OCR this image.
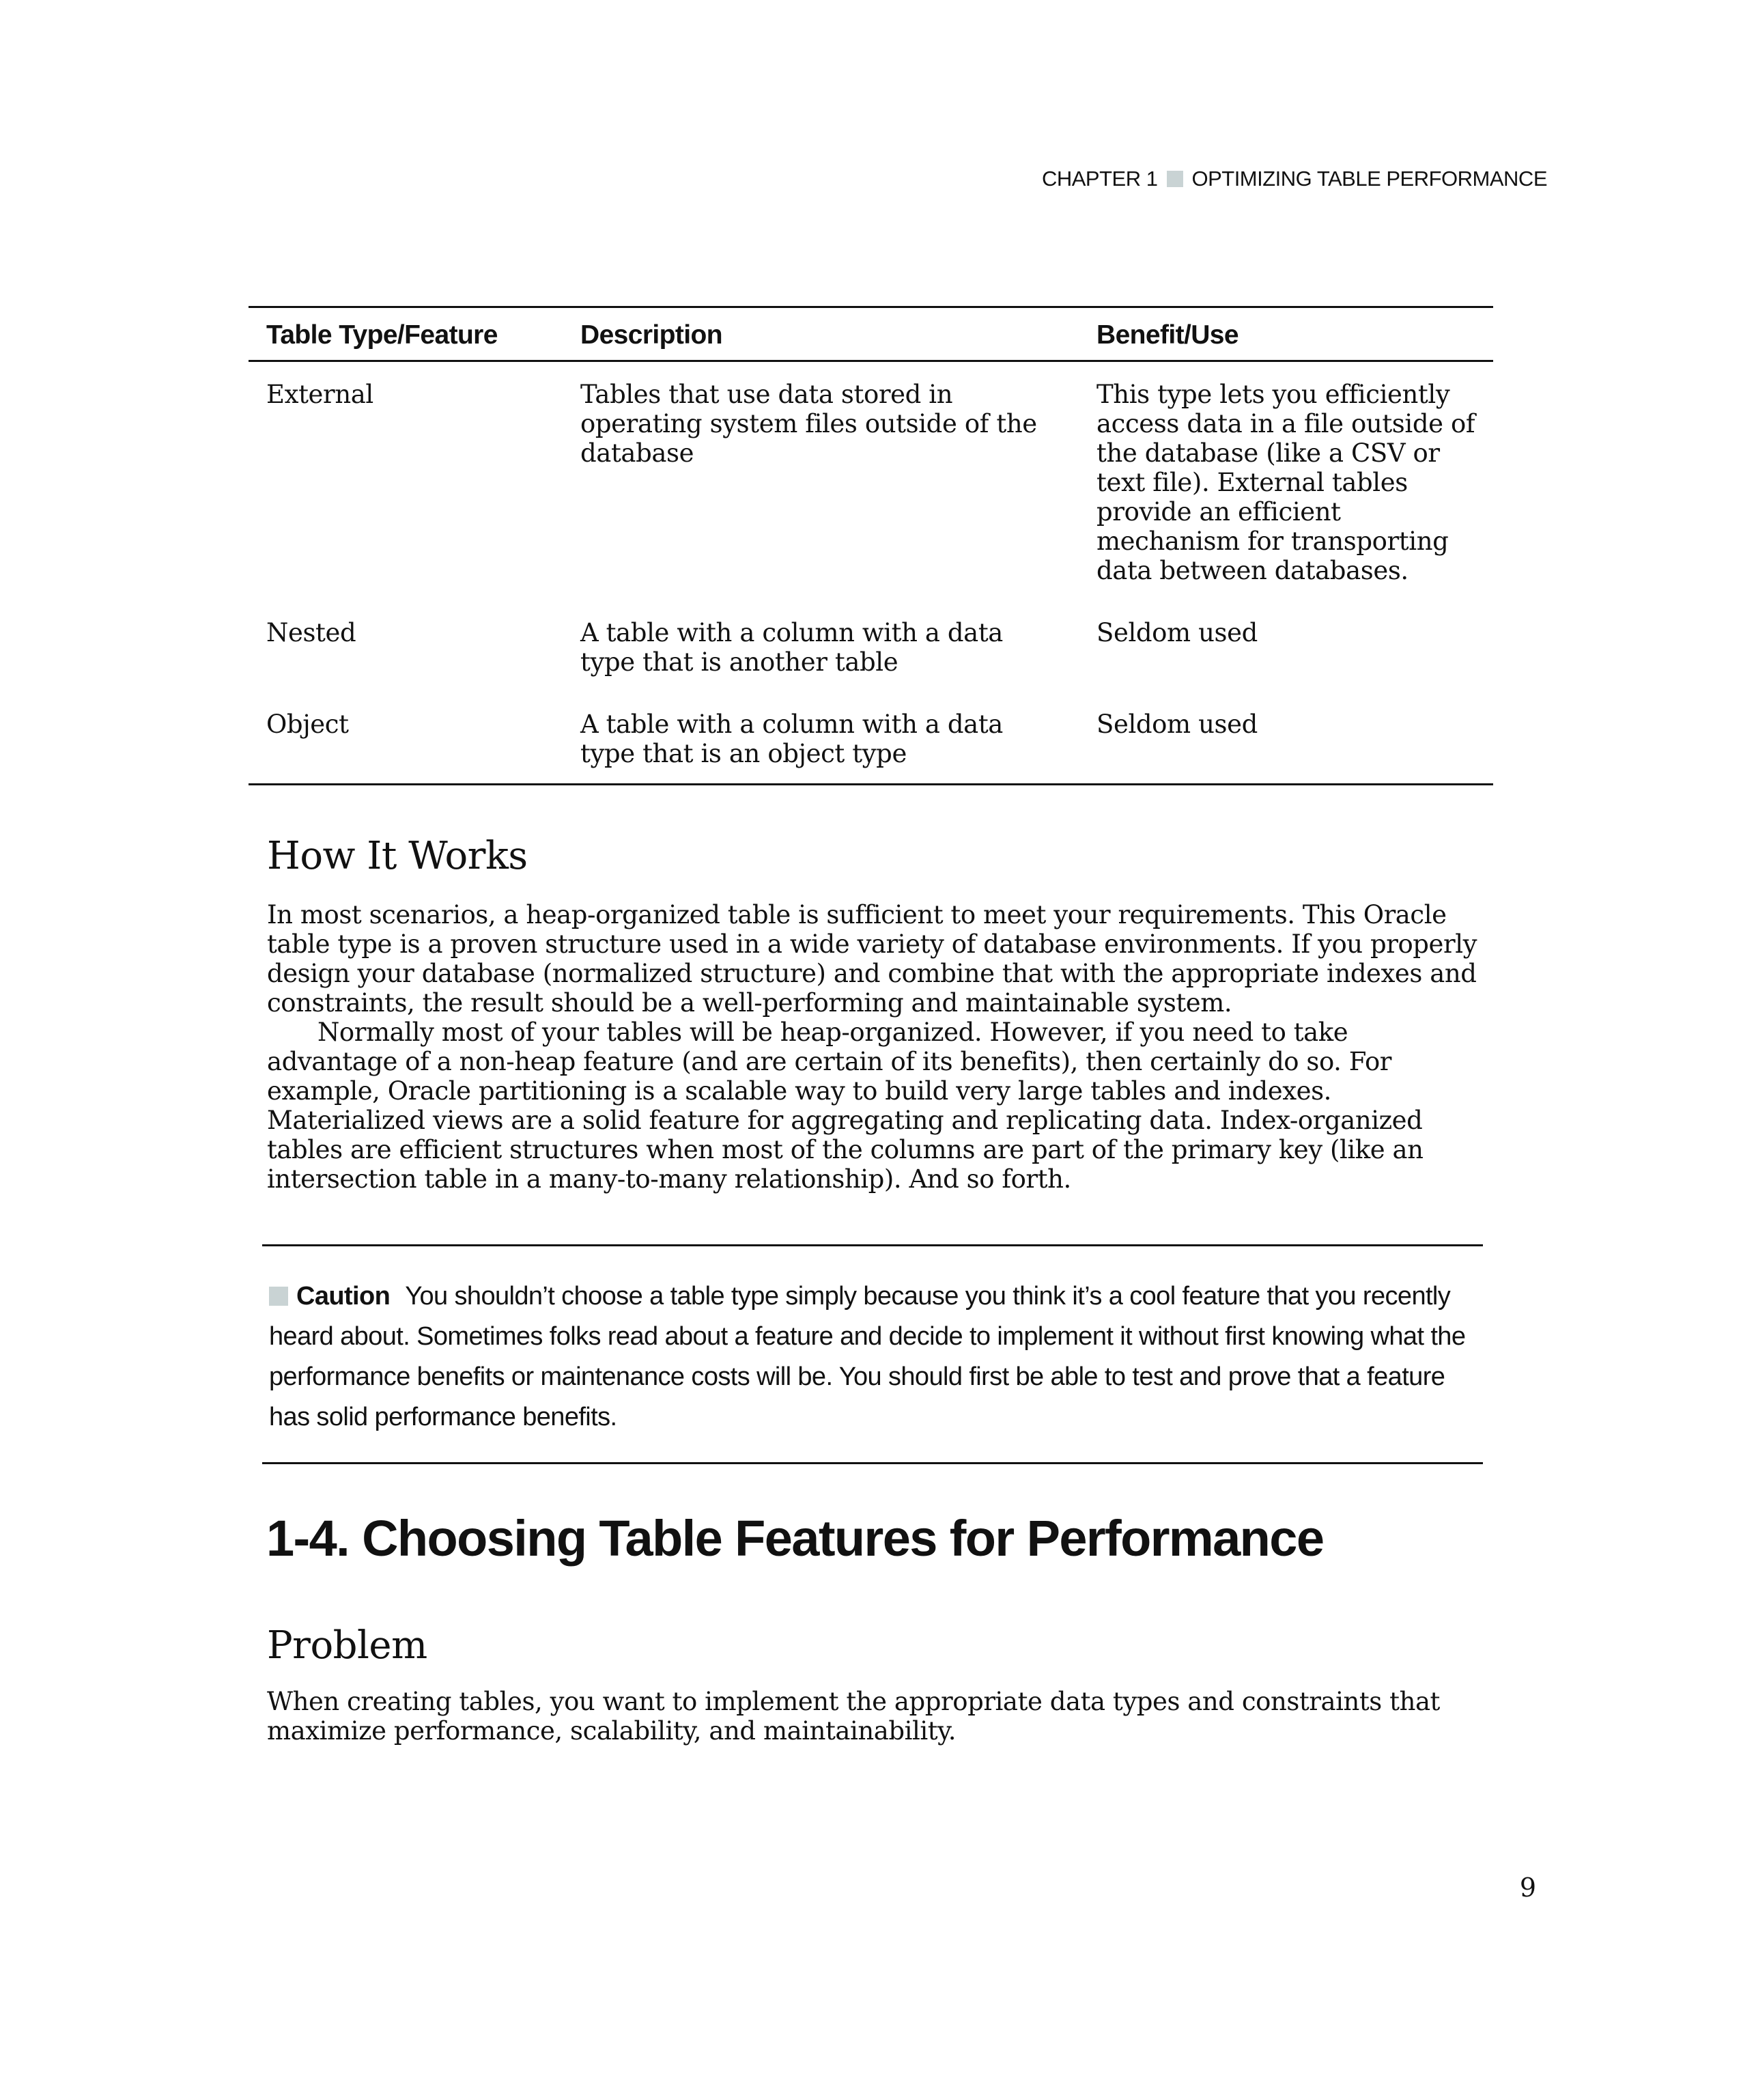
CHAPTER 1 OPTIMIZING TABLE PERFORMANCE
Table Type/Feature	Description	Benefit/Use
External	Tables that use data stored in operating system files outside of the database	This type lets you efficiently access data in a file outside of the database (like a CSV or text file). External tables provide an efficient mechanism for transporting data between databases.
Nested	A table with a column with a data type that is another table	Seldom used
Object	A table with a column with a data type that is an object type	Seldom used
How It Works

In most scenarios, a heap-organized table is sufficient to meet your requirements. This Oracle table type is a proven structure used in a wide variety of database environments. If you properly design your database (normalized structure) and combine that with the appropriate indexes and constraints, the result should be a well-performing and maintainable system.

Normally most of your tables will be heap-organized. However, if you need to take advantage of a non-heap feature (and are certain of its benefits), then certainly do so. For example, Oracle partitioning is a scalable way to build very large tables and indexes. Materialized views are a solid feature for aggregating and replicating data. Index-organized tables are efficient structures when most of the columns are part of the primary key (like an intersection table in a many-to-many relationship). And so forth.

Caution You shouldn’t choose a table type simply because you think it’s a cool feature that you recently heard about. Sometimes folks read about a feature and decide to implement it without first knowing what the performance benefits or maintenance costs will be. You should first be able to test and prove that a feature has solid performance benefits.

1-4. Choosing Table Features for Performance
Problem

When creating tables, you want to implement the appropriate data types and constraints that maximize performance, scalability, and maintainability.

9
